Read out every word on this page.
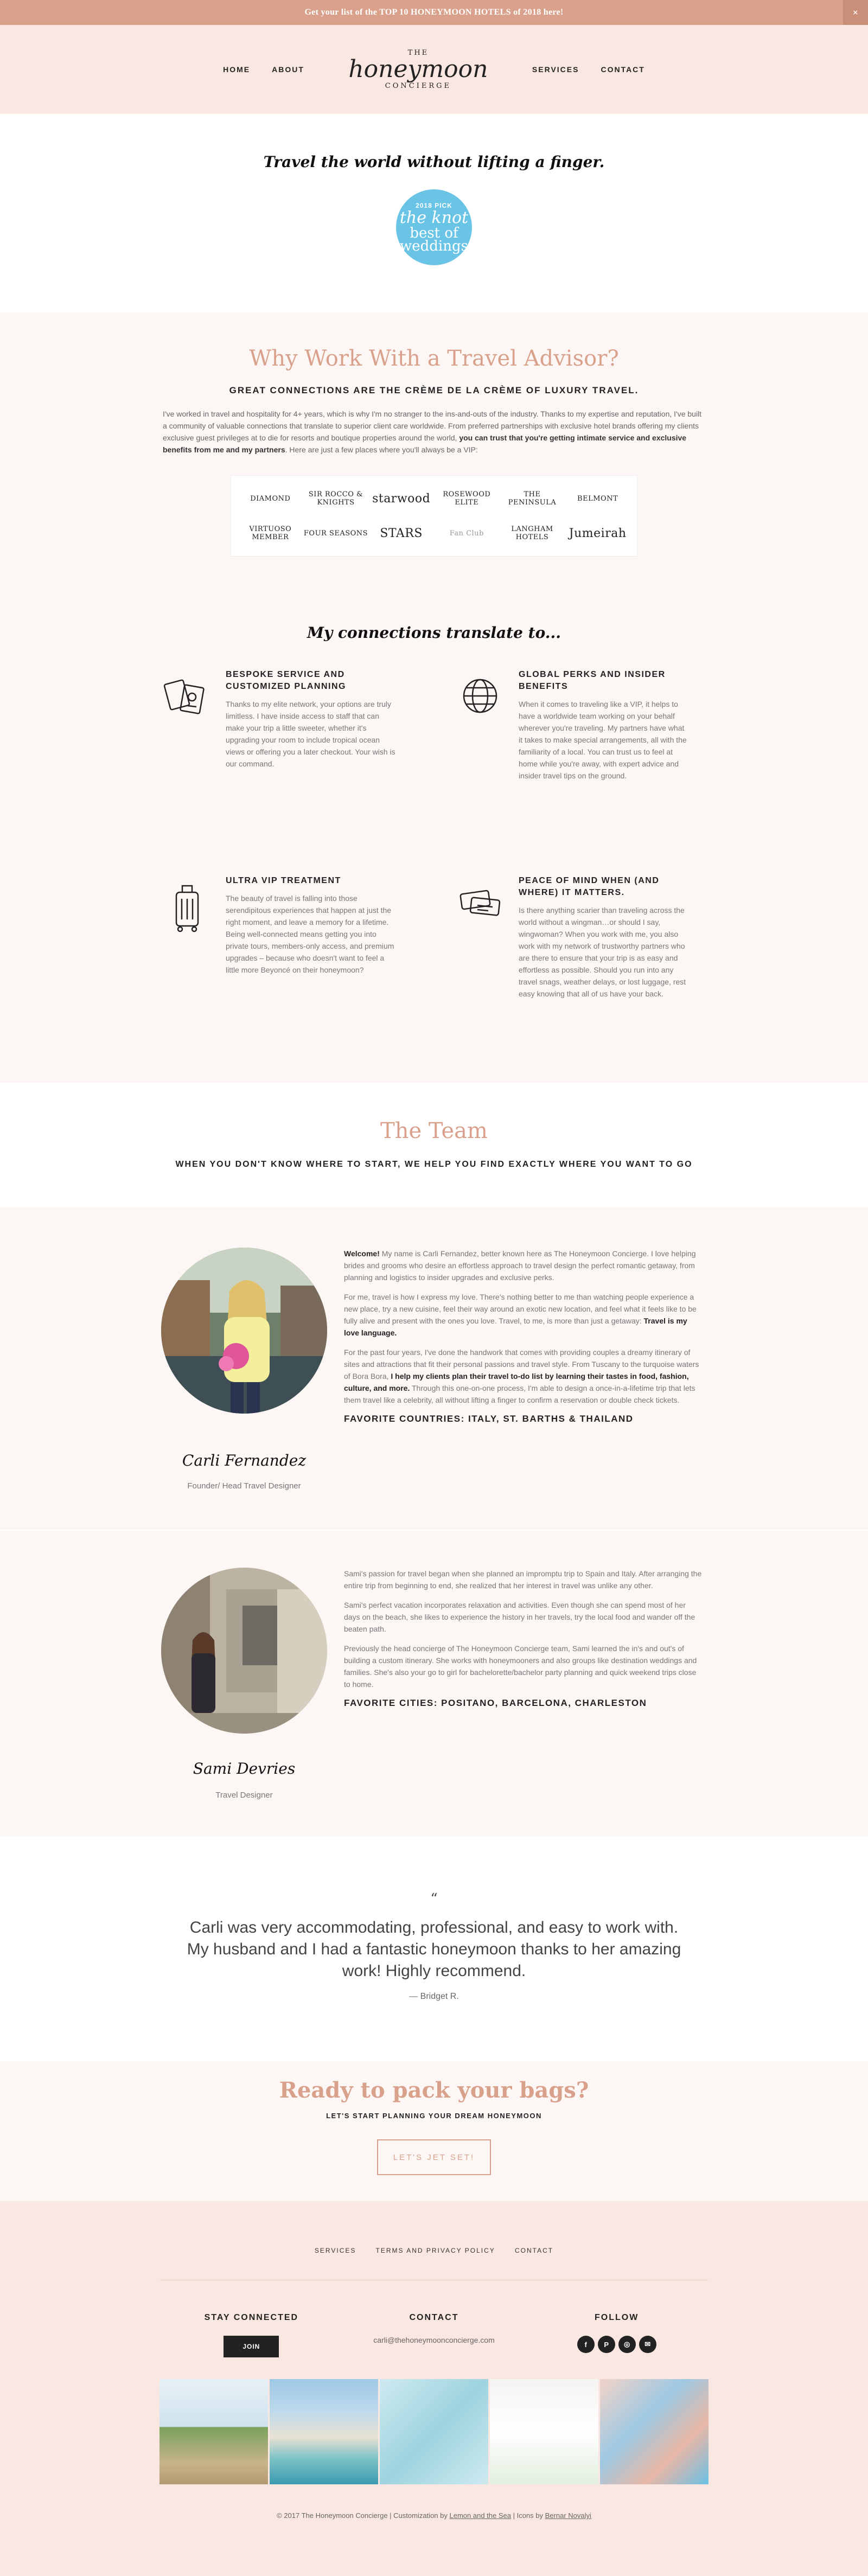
Get your list of the TOP 10 HONEYMOON HOTELS of 2018 here!	×
HOME	ABOUT
THE
honeymoon
CONCIERGE
SERVICES	CONTACT
Travel the world without lifting a finger.
2018 PICK
the knot
best of weddings
Why Work With a Travel Advisor?
GREAT CONNECTIONS ARE THE CRÈME DE LA CRÈME OF LUXURY TRAVEL.

I've worked in travel and hospitality for 4+ years, which is why I'm no stranger to the ins-and-outs of the industry. Thanks to my expertise and reputation, I've built a community of valuable connections that translate to superior client care worldwide. From preferred partnerships with exclusive hotel brands offering my clients exclusive guest privileges at to die for resorts and boutique properties around the world, you can trust that you're getting intimate service and exclusive benefits from me and my partners. Here are just a few places where you'll always be a VIP:

DIAMOND	SIR ROCCO & KNIGHTS	starwood	ROSEWOOD ELITE
THE PENINSULA	BELMONT
VIRTUOSO MEMBER	FOUR SEASONS STARS	Fan Club	LANGHAM HOTELS	Jumeirah
My connections translate to...
BESPOKE SERVICE AND CUSTOMIZED PLANNING

Thanks to my elite network, your options are truly limitless. I have inside access to staff that can make your trip a little sweeter, whether it's upgrading your room to include tropical ocean views or offering you a later checkout. Your wish is our command.

GLOBAL PERKS AND INSIDER BENEFITS

When it comes to traveling like a VIP, it helps to have a worldwide team working on your behalf wherever you're traveling. My partners have what it takes to make special arrangements, all with the familiarity of a local. You can trust us to feel at home while you're away, with expert advice and insider travel tips on the ground.

ULTRA VIP TREATMENT

The beauty of travel is falling into those serendipitous experiences that happen at just the right moment, and leave a memory for a lifetime. Being well-connected means getting you into private tours, members-only access, and premium upgrades – because who doesn't want to feel a little more Beyoncé on their honeymoon?

PEACE OF MIND WHEN (AND WHERE) IT MATTERS.

Is there anything scarier than traveling across the world without a wingman…or should I say, wingwoman? When you work with me, you also work with my network of trustworthy partners who are there to ensure that your trip is as easy and effortless as possible. Should you run into any travel snags, weather delays, or lost luggage, rest easy knowing that all of us have your back.

The Team
WHEN YOU DON'T KNOW WHERE TO START, WE HELP YOU FIND EXACTLY WHERE YOU WANT TO GO
Carli Fernandez
Founder/ Head Travel Designer

Welcome! My name is Carli Fernandez, better known here as The Honeymoon Concierge. I love helping brides and grooms who desire an effortless approach to travel design the perfect romantic getaway, from planning and logistics to insider upgrades and exclusive perks.

For me, travel is how I express my love. There's nothing better to me than watching people experience a new place, try a new cuisine, feel their way around an exotic new location, and feel what it feels like to be fully alive and present with the ones you love. Travel, to me, is more than just a getaway: Travel is my love language.

For the past four years, I've done the handwork that comes with providing couples a dreamy itinerary of sites and attractions that fit their personal passions and travel style. From Tuscany to the turquoise waters of Bora Bora, I help my clients plan their travel to-do list by learning their tastes in food, fashion, culture, and more. Through this one-on-one process, I'm able to design a once-in-a-lifetime trip that lets them travel like a celebrity, all without lifting a finger to confirm a reservation or double check tickets.

FAVORITE COUNTRIES: ITALY, ST. BARTHS & THAILAND
Sami Devries
Travel Designer

Sami's passion for travel began when she planned an impromptu trip to Spain and Italy. After arranging the entire trip from beginning to end, she realized that her interest in travel was unlike any other.

Sami's perfect vacation incorporates relaxation and activities. Even though she can spend most of her days on the beach, she likes to experience the history in her travels, try the local food and wander off the beaten path.

Previously the head concierge of The Honeymoon Concierge team, Sami learned the in's and out's of building a custom itinerary. She works with honeymooners and also groups like destination weddings and families. She's also your go to girl for bachelorette/bachelor party planning and quick weekend trips close to home.

FAVORITE CITIES: POSITANO, BARCELONA, CHARLESTON
“
Carli was very accommodating, professional, and easy to work with. My husband and I had a fantastic honeymoon thanks to her amazing work! Highly recommend.
— Bridget R.
Ready to pack your bags?
LET'S START PLANNING YOUR DREAM HONEYMOON
LET'S JET SET!
SERVICES	TERMS AND PRIVACY POLICY	CONTACT
STAY CONNECTED
JOIN
CONTACT
carli@thehoneymoonconcierge.com
FOLLOW
f	P	◎	✉
© 2017 The Honeymoon Concierge | Customization by Lemon and the Sea | Icons by Bernar Novalyi
